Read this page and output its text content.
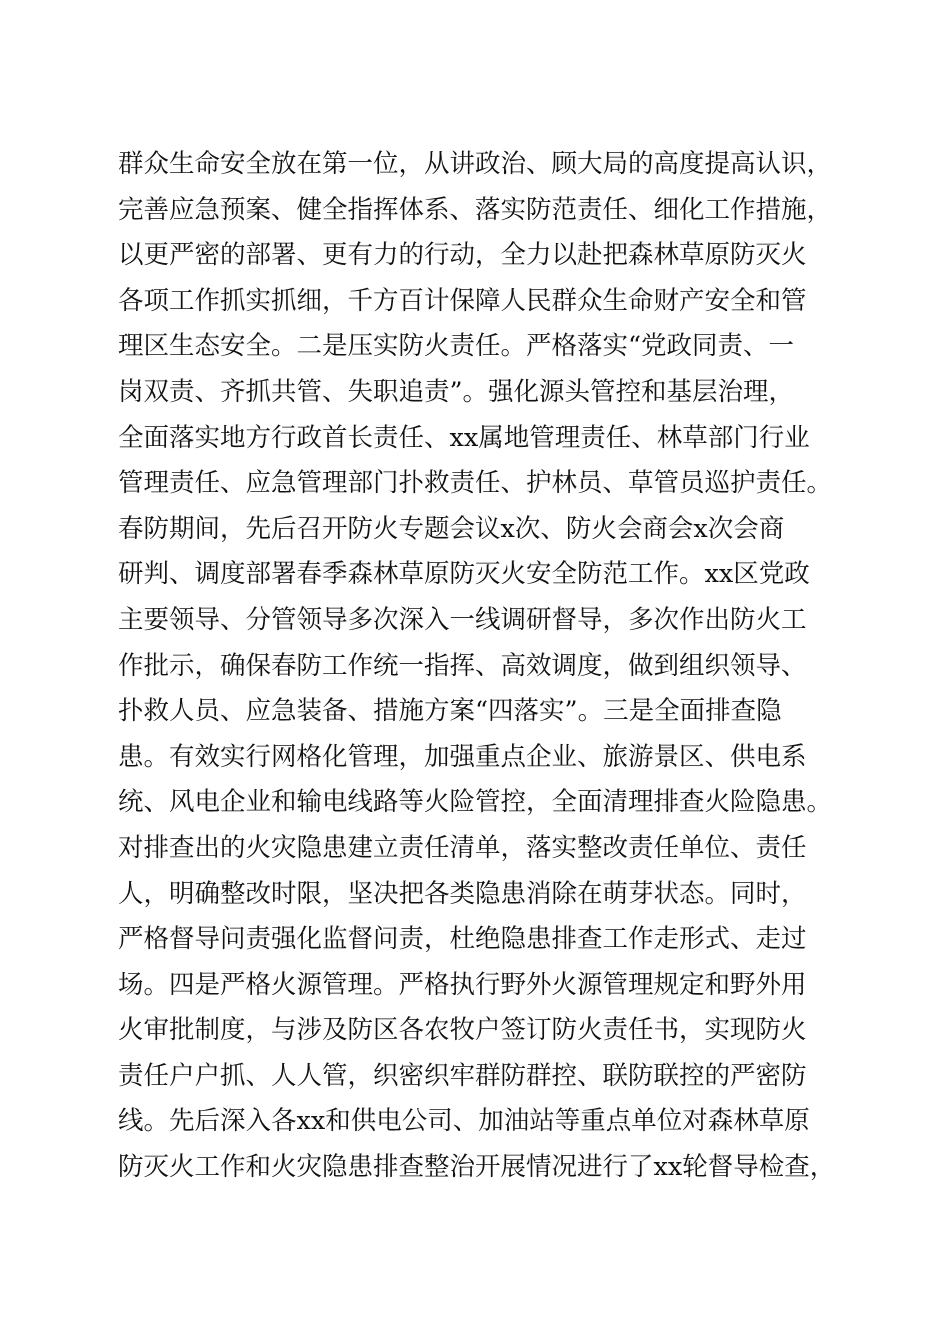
群众生命安全放在第一位，从讲政治、顾大局的高度提高认识，
完善应急预案、健全指挥体系、落实防范责任、细化工作措施，
以更严密的部署、更有力的行动，全力以赴把森林草原防灭火
各项工作抓实抓细，千方百计保障人民群众生命财产安全和管
理区生态安全。二是压实防火责任。严格落实“党政同责、一
岗双责、齐抓共管、失职追责”。强化源头管控和基层治理，
全面落实地方行政首长责任、xx属地管理责任、林草部门行业
管理责任、应急管理部门扑救责任、护林员、草管员巡护责任。
春防期间，先后召开防火专题会议x次、防火会商会x次会商
研判、调度部署春季森林草原防灭火安全防范工作。xx区党政
主要领导、分管领导多次深入一线调研督导，多次作出防火工
作批示，确保春防工作统一指挥、高效调度，做到组织领导、
扑救人员、应急装备、措施方案“四落实”。三是全面排查隐
患。有效实行网格化管理，加强重点企业、旅游景区、供电系
统、风电企业和输电线路等火险管控，全面清理排查火险隐患。
对排查出的火灾隐患建立责任清单，落实整改责任单位、责任
人，明确整改时限，坚决把各类隐患消除在萌芽状态。同时，
严格督导问责强化监督问责，杜绝隐患排查工作走形式、走过
场。四是严格火源管理。严格执行野外火源管理规定和野外用
火审批制度，与涉及防区各农牧户签订防火责任书，实现防火
责任户户抓、人人管，织密织牢群防群控、联防联控的严密防
线。先后深入各xx和供电公司、加油站等重点单位对森林草原
防灭火工作和火灾隐患排查整治开展情况进行了xx轮督导检查，
